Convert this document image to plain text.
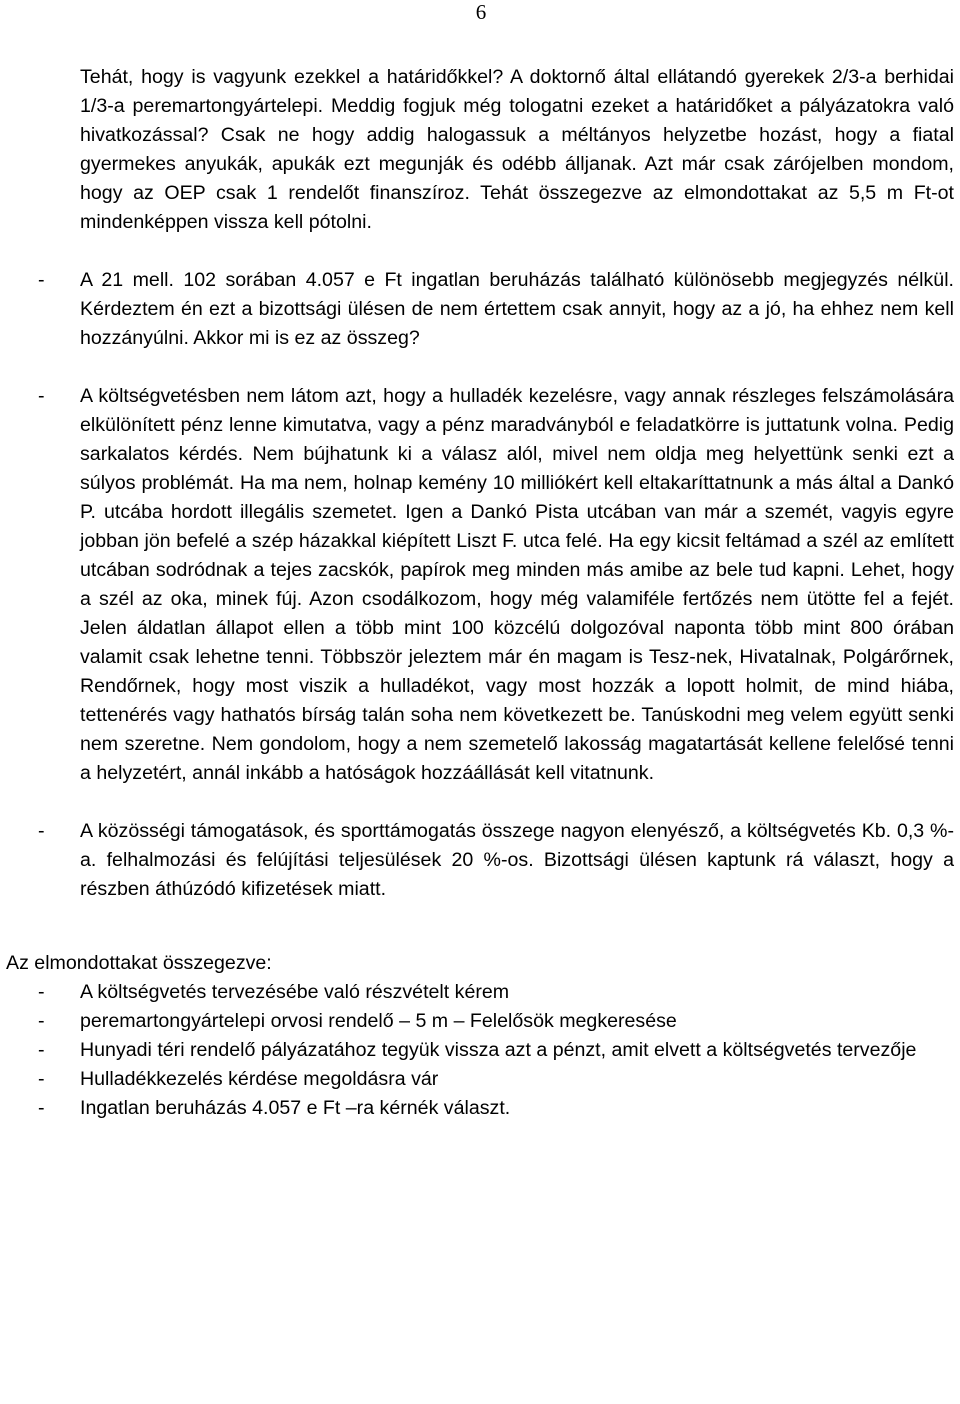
6

Tehát, hogy is vagyunk ezekkel a határidőkkel? A doktornő által ellátandó gyerekek 2/3-a berhidai 1/3-a peremartongyártelepi. Meddig fogjuk még tologatni ezeket a határidőket a pályázatokra való hivatkozással? Csak ne hogy addig halogassuk a méltányos helyzetbe hozást, hogy a fiatal gyermekes anyukák, apukák ezt megunják és odébb álljanak. Azt már csak zárójelben mondom, hogy az OEP csak 1 rendelőt finanszíroz. Tehát összegezve az elmondottakat az 5,5 m Ft-ot mindenképpen vissza kell pótolni.

- A 21 mell. 102 sorában 4.057 e Ft ingatlan beruházás található különösebb megjegyzés nélkül. Kérdeztem én ezt a bizottsági ülésen de nem értettem csak annyit, hogy az a jó, ha ehhez nem kell hozzányúlni. Akkor mi is ez az összeg?

- A költségvetésben nem látom azt, hogy a hulladék kezelésre, vagy annak részleges felszámolására elkülönített pénz lenne kimutatva, vagy a pénz maradványból e feladatkörre is juttatunk volna. Pedig sarkalatos kérdés. Nem bújhatunk ki a válasz alól, mivel nem oldja meg helyettünk senki ezt a súlyos problémát. Ha ma nem, holnap kemény 10 milliókért kell eltakaríttatnunk a más által a Dankó P. utcába hordott illegális szemetet. Igen a Dankó Pista utcában van már a szemét, vagyis egyre jobban jön befelé a szép házakkal kiépített Liszt F. utca felé. Ha egy kicsit feltámad a szél az említett utcában sodródnak a tejes zacskók, papírok meg minden más amibe az bele tud kapni. Lehet, hogy a szél az oka, minek fúj. Azon csodálkozom, hogy még valamiféle fertőzés nem ütötte fel a fejét. Jelen áldatlan állapot ellen a több mint 100 közcélú dolgozóval naponta több mint 800 órában valamit csak lehetne tenni. Többször jeleztem már én magam is Tesz-nek, Hivatalnak, Polgárőrnek, Rendőrnek, hogy most viszik a hulladékot, vagy most hozzák a lopott holmit, de mind hiába, tettenérés vagy hathatós bírság talán soha nem következett be. Tanúskodni meg velem együtt senki nem szeretne. Nem gondolom, hogy a nem szemetelő lakosság magatartását kellene felelősé tenni a helyzetért, annál inkább a hatóságok hozzáállását kell vitatnunk.

- A közösségi támogatások, és sporttámogatás összege nagyon elenyésző, a költségvetés Kb. 0,3 %-a. felhalmozási és felújítási teljesülések 20 %-os. Bizottsági ülésen kaptunk rá választ, hogy a részben áthúzódó kifizetések miatt.

Az elmondottakat összegezve:

- A költségvetés tervezésébe való részvételt kérem
- peremartongyártelepi orvosi rendelő – 5 m – Felelősök megkeresése
- Hunyadi téri rendelő pályázatához tegyük vissza azt a pénzt, amit elvett a költségvetés tervezője
- Hulladékkezelés kérdése megoldásra vár
- Ingatlan beruházás 4.057 e Ft –ra kérnék választ.
